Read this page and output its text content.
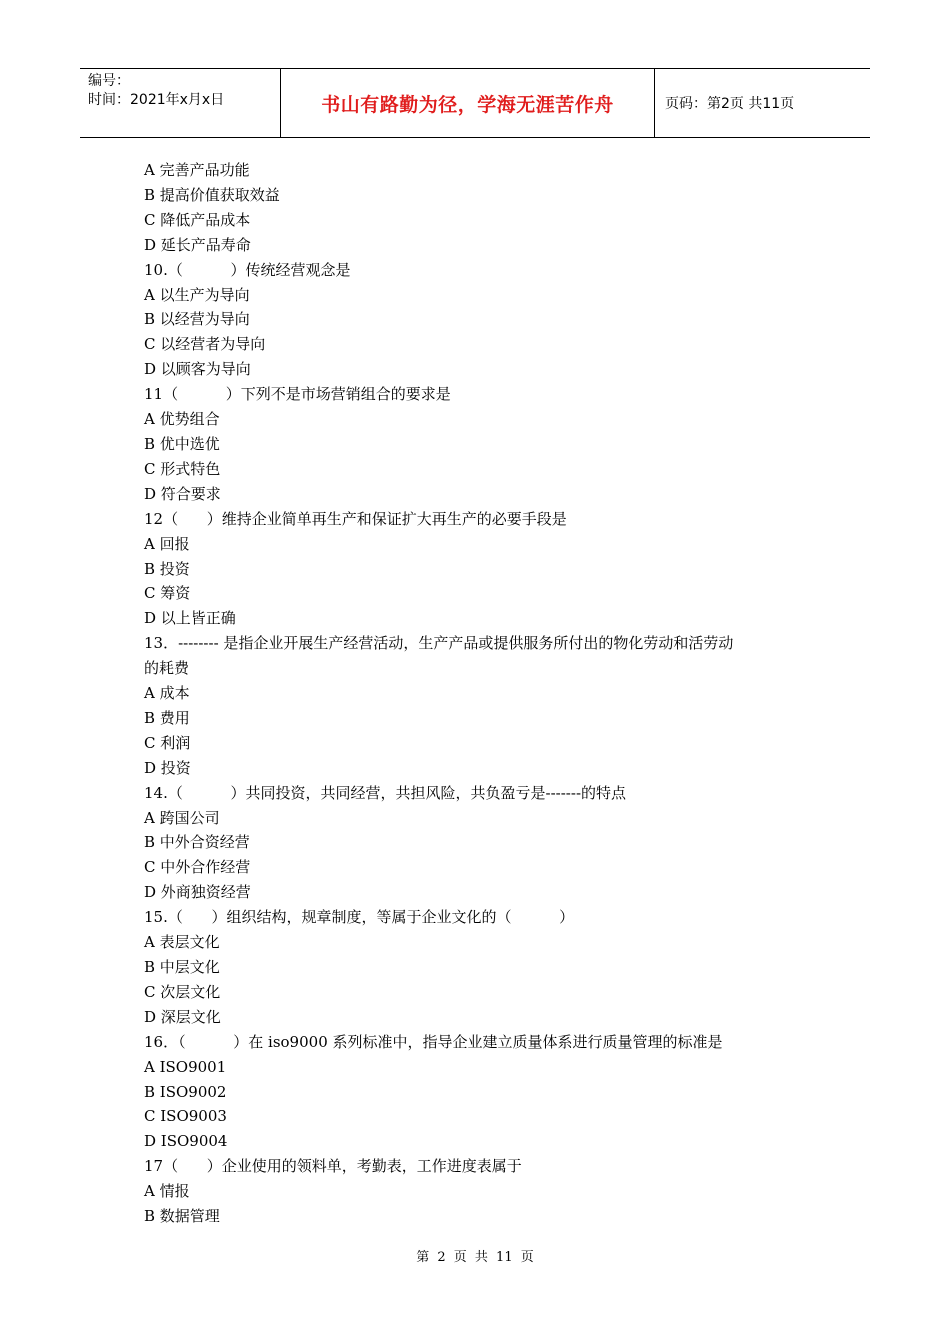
编号：
时间：2021年x月x日	书山有路勤为径，学海无涯苦作舟	页码：第2页 共11页
A 完善产品功能
B 提高价值获取效益
C 降低产品成本
D 延长产品寿命
10.（          ）传统经营观念是
A 以生产为导向
B 以经营为导向
C 以经营者为导向
D 以顾客为导向
11（          ）下列不是市场营销组合的要求是
A 优势组合
B 优中选优
C 形式特色
D 符合要求
12（      ）维持企业简单再生产和保证扩大再生产的必要手段是
A 回报
B 投资
C 筹资
D 以上皆正确
13．-------- 是指企业开展生产经营活动，生产产品或提供服务所付出的物化劳动和活劳动
的耗费
A 成本
B 费用
C 利润
D 投资
14.（          ）共同投资，共同经营，共担风险，共负盈亏是-------的特点
A 跨国公司
B 中外合资经营
C 中外合作经营
D 外商独资经营
15.（      ）组织结构，规章制度，等属于企业文化的（          ）
A 表层文化
B 中层文化
C 次层文化
D 深层文化
16．（          ）在 iso9000 系列标准中，指导企业建立质量体系进行质量管理的标准是
A ISO9001
B ISO9002
C ISO9003
D ISO9004
17（      ）企业使用的领料单，考勤表，工作进度表属于
A 情报
B 数据管理
第 2 页 共 11 页
